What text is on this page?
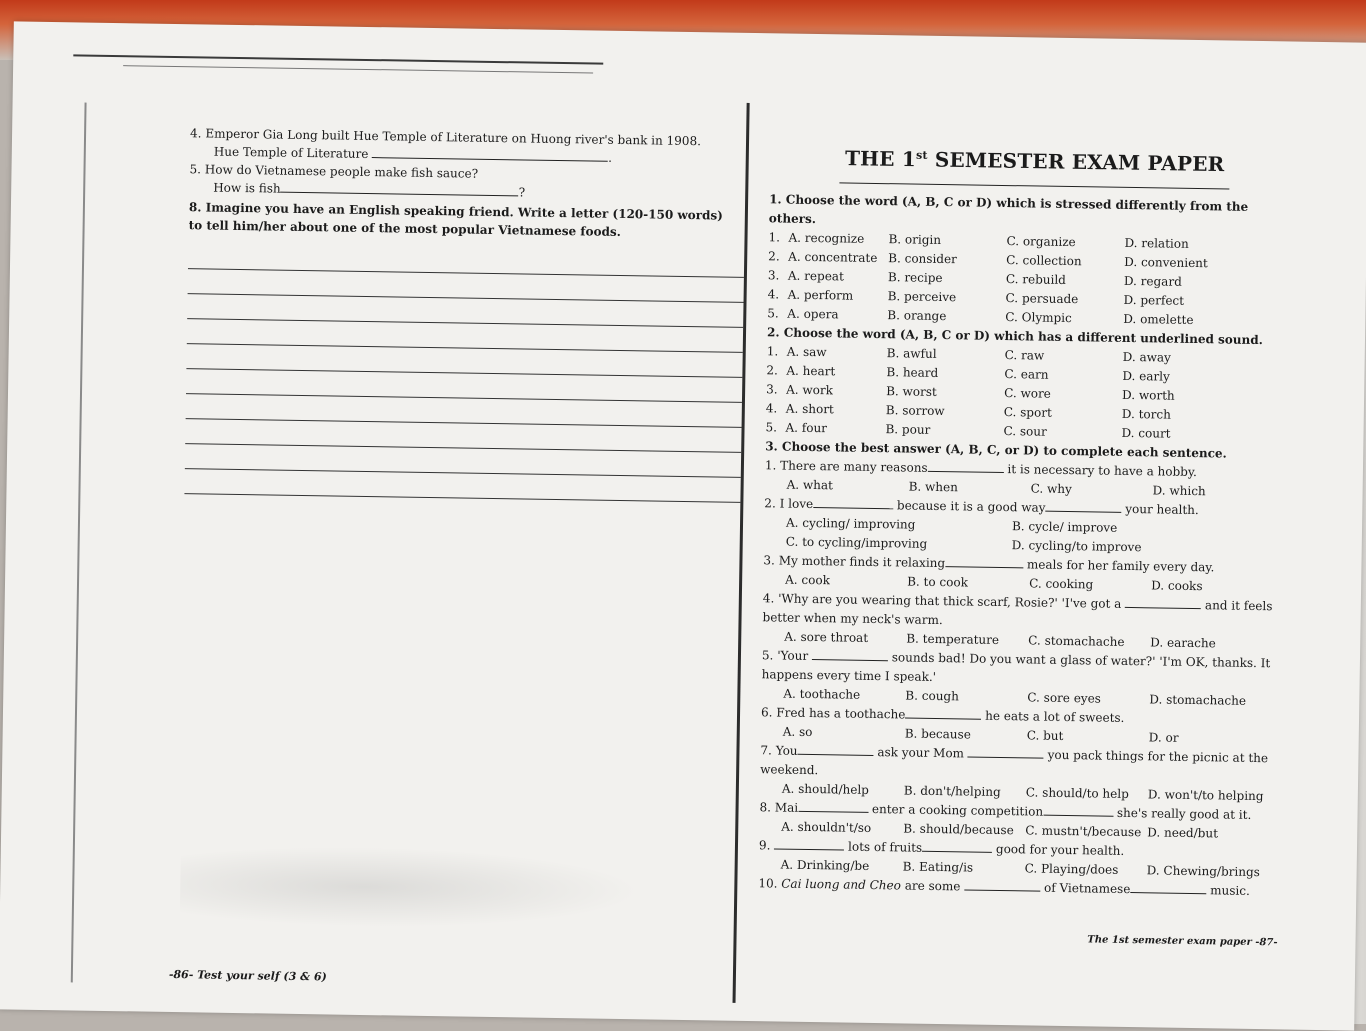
4. Emperor Gia Long built Hue Temple of Literature on Huong river's bank in 1908.

Hue Temple of Literature	.

5. How do Vietnamese people make fish sauce?

How is fish	?

8. Imagine you have an English speaking friend. Write a letter (120-150 words) to tell him/her about one of the most popular Vietnamese foods.

-86- Test your self (3 & 6)
THE 1st SEMESTER EXAM PAPER

1. Choose the word (A, B, C or D) which is stressed differently from the others.

1. A. recognize	B. origin	C. organize	D. relation
2. A. concentrate B. consider	C. collection	D. convenient
3. A. repeat	B. recipe	C. rebuild	D. regard
4. A. perform	B. perceive	C. persuade	D. perfect
5. A. opera	B. orange	C. Olympic	D. omelette

2. Choose the word (A, B, C or D) which has a different underlined sound.

1. A. saw	B. awful	C. raw	D. away
2. A. heart	B. heard	C. earn	D. early
3. A. work	B. worst	C. wore	D. worth
4. A. short	B. sorrow	C. sport	D. torch
5. A. four	B. pour	C. sour	D. court

3. Choose the best answer (A, B, C, or D) to complete each sentence.

1. There are many reasons	it is necessary to have a hobby.

A. what	B. when	C. why	D. which

2. I love	because it is a good way	your health.

A. cycling/ improving	B. cycle/ improve
C. to cycling/improving	D. cycling/to improve

3. My mother finds it relaxing	meals for her family every day.

A. cook	B. to cook	C. cooking	D. cooks

4. 'Why are you wearing that thick scarf, Rosie?' 'I've got a	and it feels better when my neck's warm.

A. sore throat	B. temperature	C. stomachache	D. earache

5. 'Your	sounds bad! Do you want a glass of water?' 'I'm OK, thanks. It happens every time I speak.'

A. toothache	B. cough	C. sore eyes	D. stomachache

6. Fred has a toothache	he eats a lot of sweets.

A. so	B. because	C. but	D. or

7. You	ask your Mom	you pack things for the picnic at the weekend.

A. should/help	B. don't/helping	C. should/to help	D. won't/to helping

8. Mai	enter a cooking competition	she's really good at it.

A. shouldn't/so	B. should/because C. mustn't/because D. need/but

9.	lots of fruits	good for your health.

A. Drinking/be	B. Eating/is	C. Playing/does	D. Chewing/brings

10. Cai luong and Cheo are some	of Vietnamese	music.

The 1st semester exam paper -87-
